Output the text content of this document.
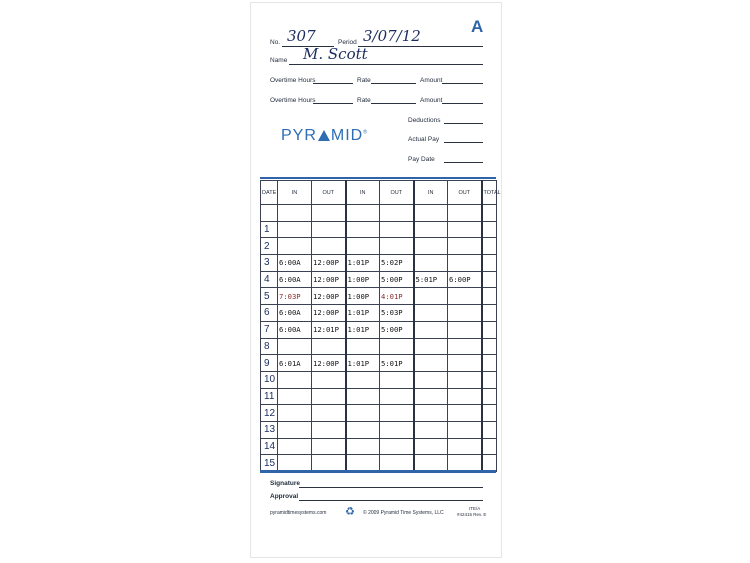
A
No. 307	Period 3/07/12
Name M. Scott
Overtime Hours	Rate	Amount
Overtime Hours	Rate	Amount
PYR MID®
Deductions
Actual Pay
Pay Date
DATE	IN	OUT	IN	OUT	IN	OUT	TOTAL

1							
2							
3	6:00A	12:00P	1:01P	5:02P			
4	6:00A	12:00P	1:00P	5:00P	5:01P	6:00P	
5	7:03P	12:00P	1:00P	4:01P			
6	6:00A	12:00P	1:01P	5:03P			
7	6:00A	12:01P	1:01P	5:00P			
8							
9	6:01A	12:00P	1:01P	5:01P			
10							
11							
12							
13							
14							
15							
Signature
Approval
pyramidtimesystems.com ♻ © 2009 Pyramid Time Systems, LLC
ITE/A
#42415 Rev. E
